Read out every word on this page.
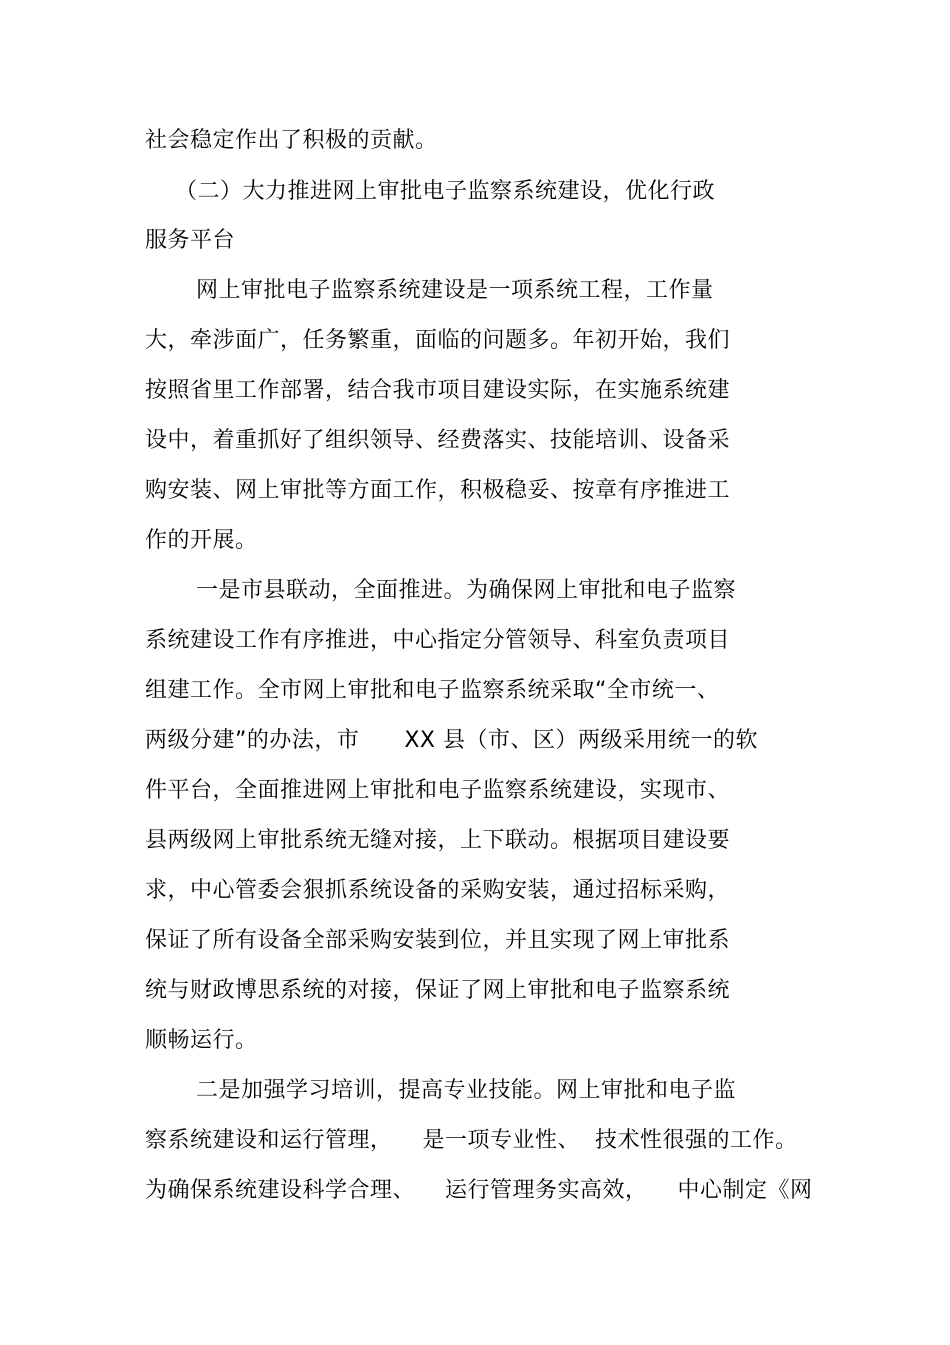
社会稳定作出了积极的贡献。
（二）大力推进网上审批电子监察系统建设，优化行政
服务平台
网上审批电子监察系统建设是一项系统工程，工作量
大，牵涉面广，任务繁重，面临的问题多。年初开始，我们
按照省里工作部署，结合我市项目建设实际，在实施系统建
设中，着重抓好了组织领导、经费落实、技能培训、设备采
购安装、网上审批等方面工作，积极稳妥、按章有序推进工
作的开展。
一是市县联动，全面推进。为确保网上审批和电子监察
系统建设工作有序推进，中心指定分管领导、科室负责项目
组建工作。全市网上审批和电子监察系统采取“全市统一、
两级分建”的办法，市      XX 县（市、区）两级采用统一的软
件平台，全面推进网上审批和电子监察系统建设，实现市、
县两级网上审批系统无缝对接，上下联动。根据项目建设要
求，中心管委会狠抓系统设备的采购安装，通过招标采购，
保证了所有设备全部采购安装到位，并且实现了网上审批系
统与财政博思系统的对接，保证了网上审批和电子监察系统
顺畅运行。
二是加强学习培训，提高专业技能。网上审批和电子监
察系统建设和运行管理，    是一项专业性、  技术性很强的工作。
为确保系统建设科学合理、    运行管理务实高效，    中心制定《网
